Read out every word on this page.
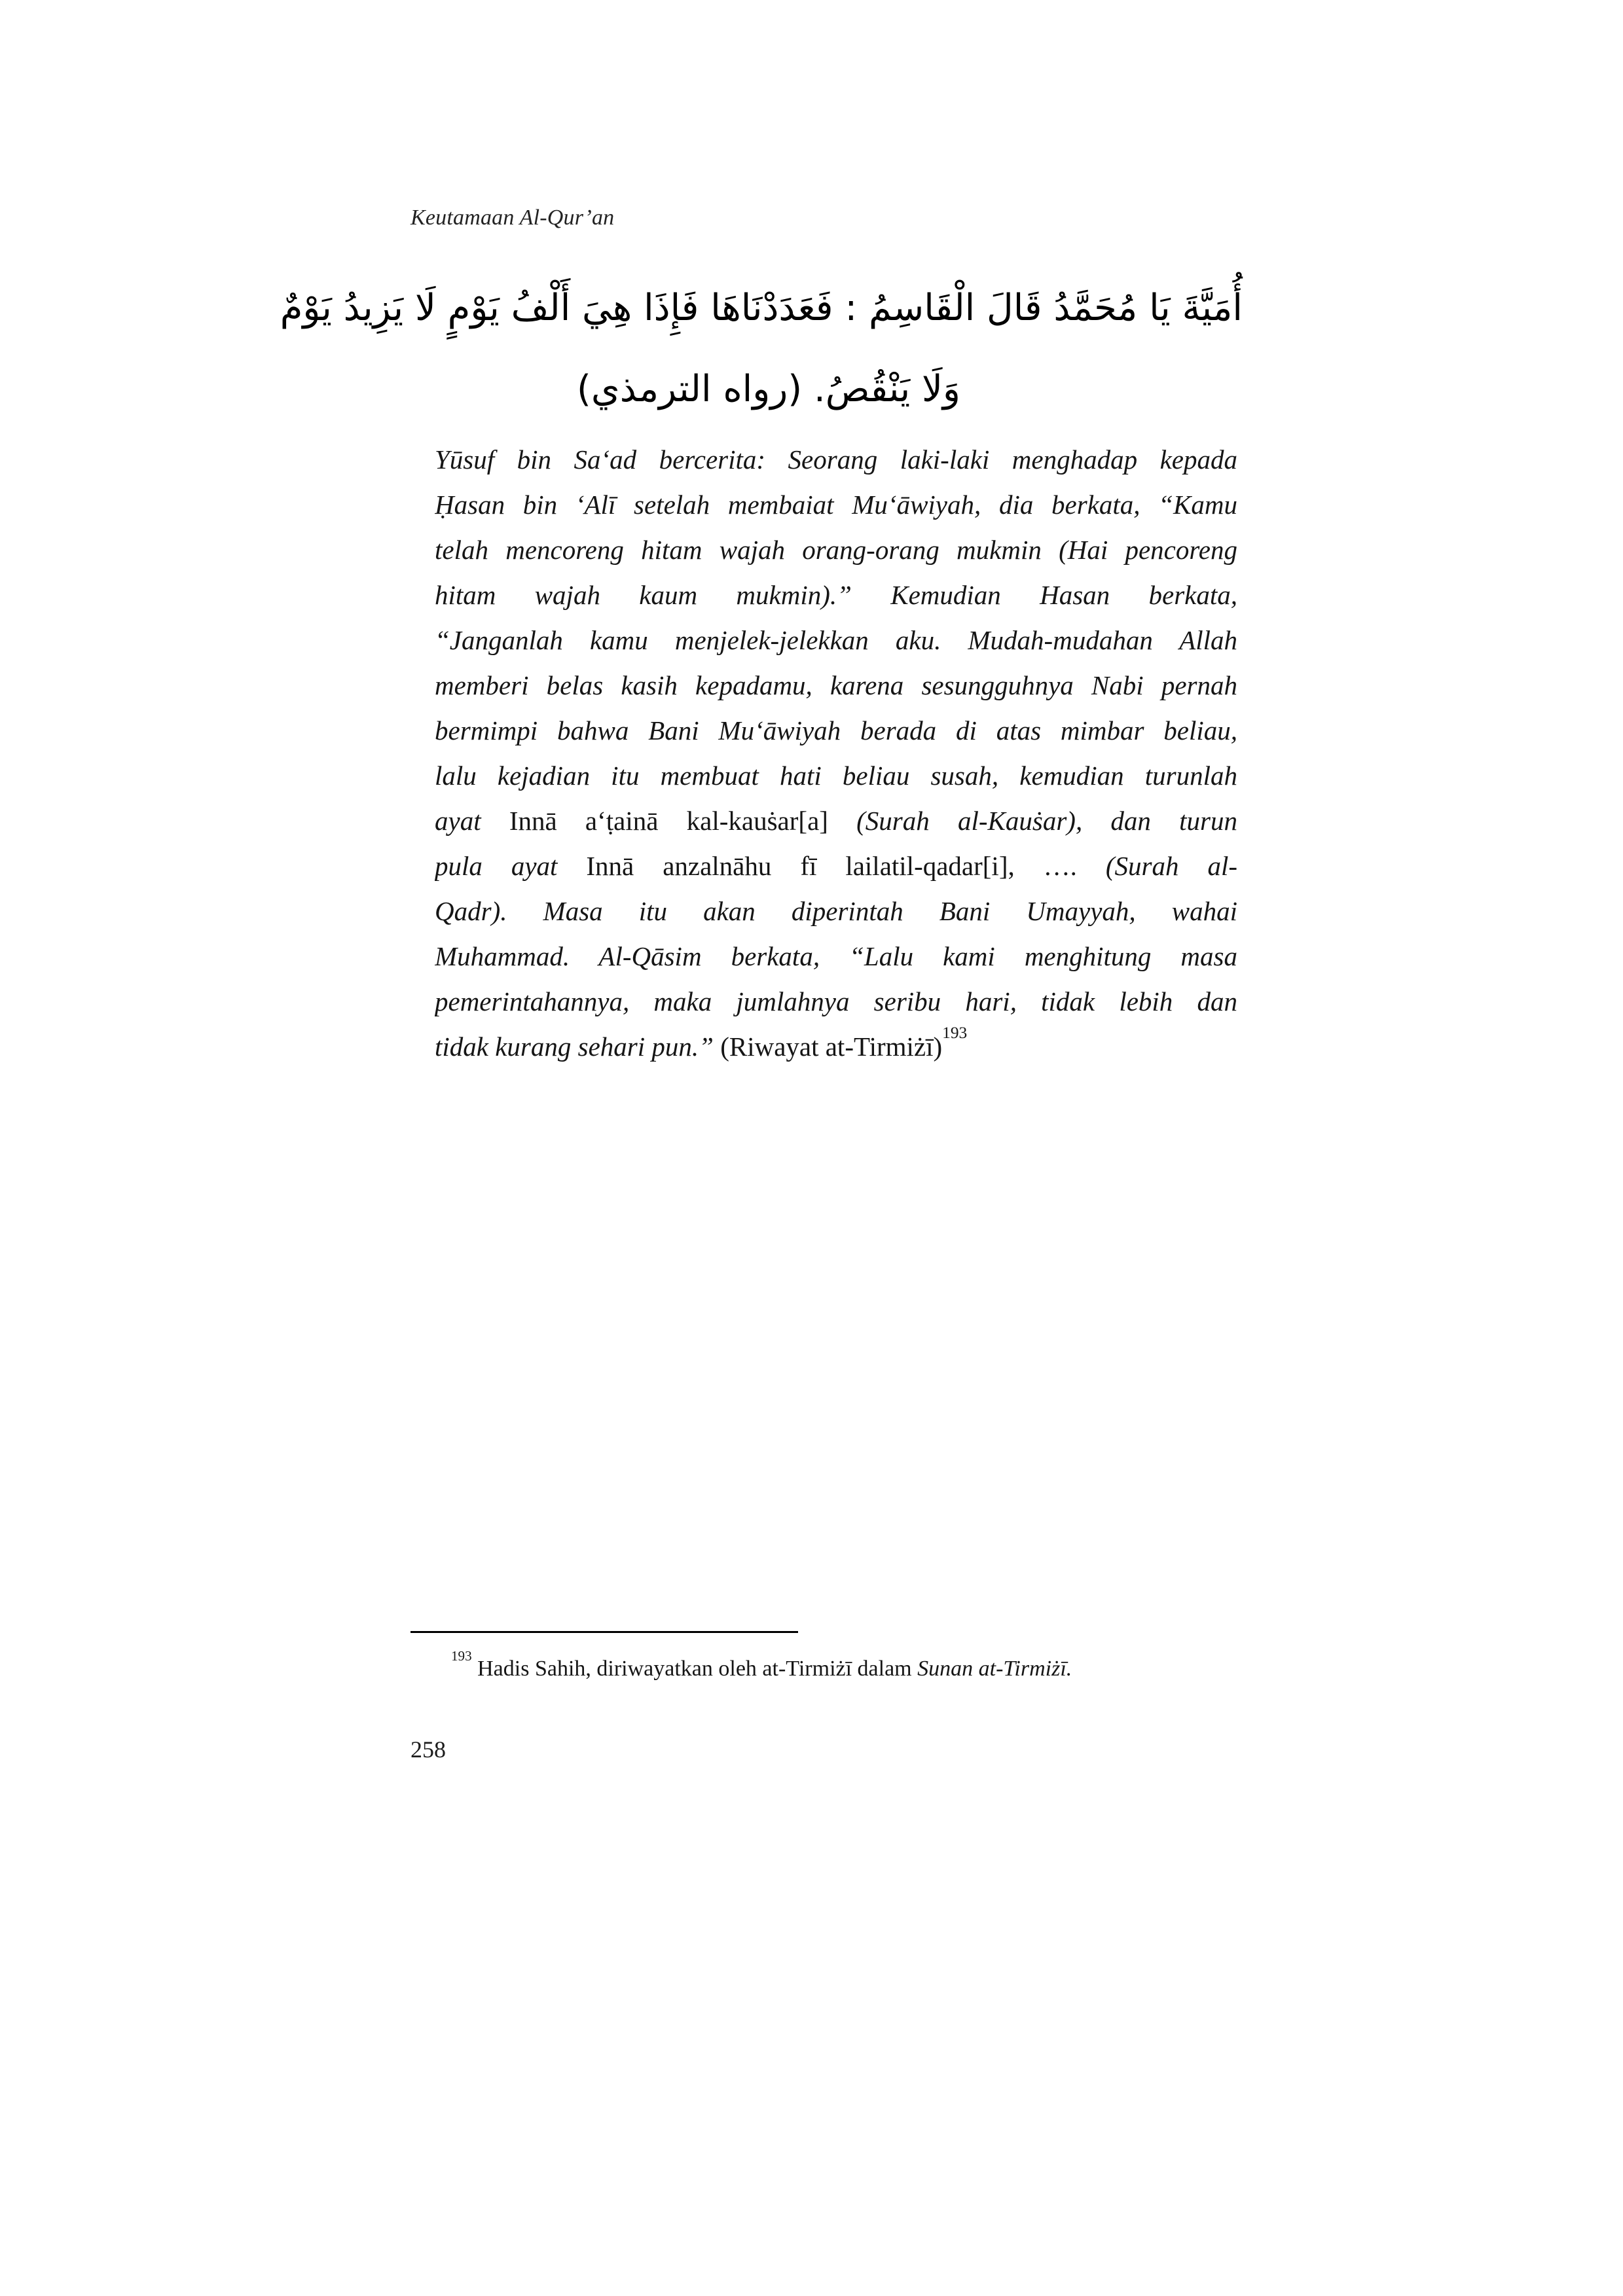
Keutamaan Al-Qur’an
أُمَيَّةَ يَا مُحَمَّدُ قَالَ الْقَاسِمُ : فَعَدَدْنَاهَا فَإِذَا هِيَ أَلْفُ يَوْمٍ لَا يَزِيدُ يَوْمٌ
وَلَا يَنْقُصُ. (رواه الترمذي)
Yūsuf bin Sa‘ad bercerita: Seorang laki-laki menghadap kepada
Ḥasan bin ‘Alī setelah membaiat Mu‘āwiyah, dia berkata, “Kamu
telah mencoreng hitam wajah orang-orang mukmin (Hai pencoreng
hitam wajah kaum mukmin).” Kemudian Hasan berkata,
“Janganlah kamu menjelek-jelekkan aku. Mudah-mudahan Allah
memberi belas kasih kepadamu, karena sesungguhnya Nabi pernah
bermimpi bahwa Bani Mu‘āwiyah berada di atas mimbar beliau,
lalu kejadian itu membuat hati beliau susah, kemudian turunlah
ayat Innā a‘ṭainā kal-kauṡar[a] (Surah al-Kauṡar), dan turun
pula ayat Innā anzalnāhu fī lailatil-qadar[i], …. (Surah al-
Qadr). Masa itu akan diperintah Bani Umayyah, wahai
Muhammad. Al-Qāsim berkata, “Lalu kami menghitung masa
pemerintahannya, maka jumlahnya seribu hari, tidak lebih dan
tidak kurang sehari pun.” (Riwayat at-Tirmiżī)$^{193}$
$^{193}$ Hadis Sahih, diriwayatkan oleh at-Tirmiżī dalam Sunan at-Tirmiżī.
258
